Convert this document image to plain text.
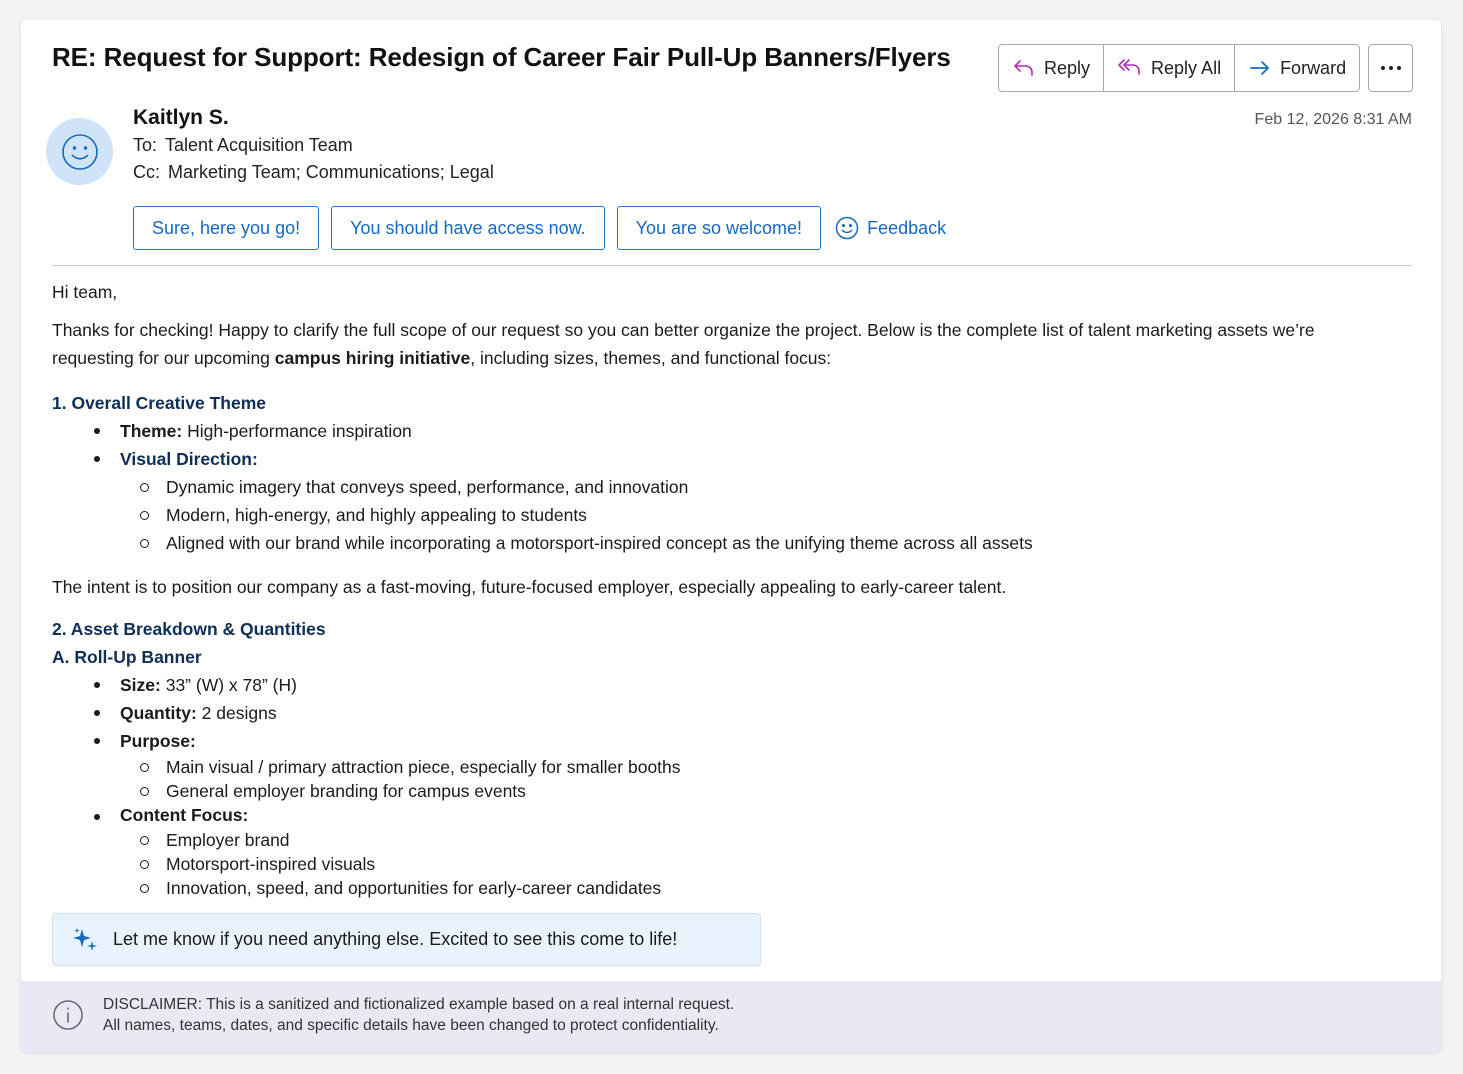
RE: Request for Support: Redesign of Career Fair Pull-Up Banners/Flyers	Reply	Reply All	Forward
Kaitlyn S.
To: Talent Acquisition Team
Cc: Marketing Team; Communications; Legal
Feb 12, 2026 8:31 AM
Sure, here you go!	You should have access now.	You are so welcome!	Feedback

Hi team,

Thanks for checking! Happy to clarify the full scope of our request so you can better organize the project. Below is the complete list of talent marketing assets we’re requesting for our upcoming campus hiring initiative, including sizes, themes, and functional focus:

1. Overall Creative Theme

Theme: High-performance inspiration
Visual Direction:
Dynamic imagery that conveys speed, performance, and innovation
Modern, high-energy, and highly appealing to students
Aligned with our brand while incorporating a motorsport-inspired concept as the unifying theme across all assets

The intent is to position our company as a fast-moving, future-focused employer, especially appealing to early-career talent.

2. Asset Breakdown & Quantities

A. Roll-Up Banner

Size: 33” (W) x 78” (H)
Quantity: 2 designs
Purpose:
Main visual / primary attraction piece, especially for smaller booths
General employer branding for campus events
Content Focus:
Employer brand
Motorsport-inspired visuals
Innovation, speed, and opportunities for early-career candidates
Let me know if you need anything else. Excited to see this come to life!
DISCLAIMER: This is a sanitized and fictionalized example based on a real internal request.
All names, teams, dates, and specific details have been changed to protect confidentiality.
